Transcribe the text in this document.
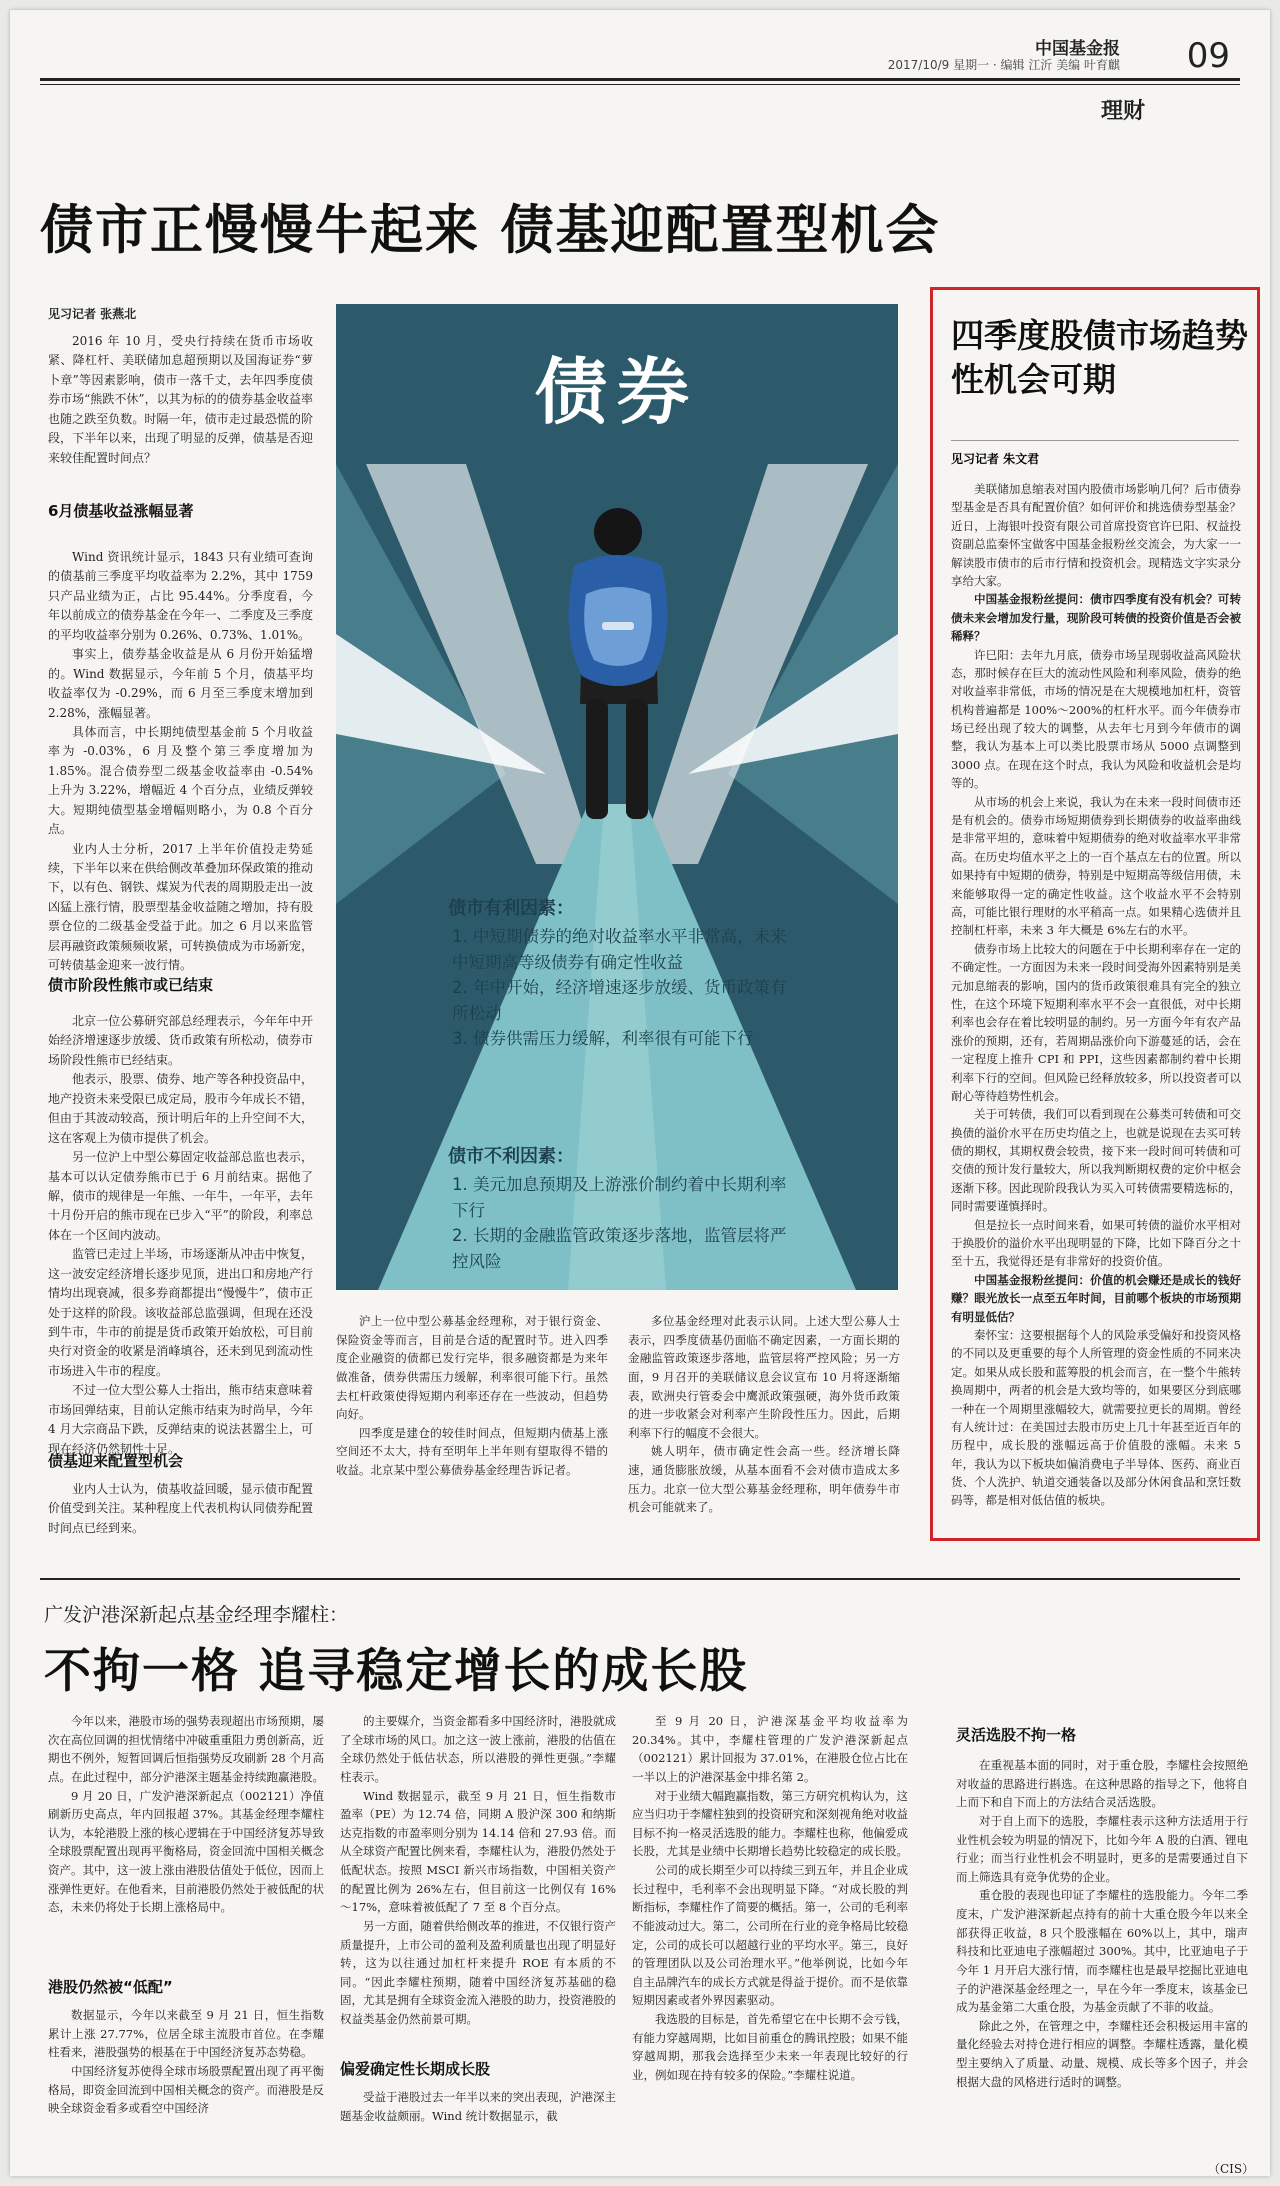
中国基金报
2017/10/9 星期一 · 编辑 江沂 美编 叶育麒 09
理财
债市正慢慢牛起来 债基迎配置型机会
见习记者 张燕北

2016 年 10 月，受央行持续在货币市场收紧、降杠杆、美联储加息超预期以及国海证券“萝卜章”等因素影响，债市一落千丈，去年四季度债券市场“熊跌不休”，以其为标的的债券基金收益率也随之跌至负数。时隔一年，债市走过最恐慌的阶段，下半年以来，出现了明显的反弹，债基是否迎来较佳配置时间点？

6月债基收益涨幅显著

Wind 资讯统计显示，1843 只有业绩可查询的债基前三季度平均收益率为 2.2%，其中 1759 只产品业绩为正，占比 95.44%。分季度看，今年以前成立的债券基金在今年一、二季度及三季度的平均收益率分别为 0.26%、0.73%、1.01%。

事实上，债券基金收益是从 6 月份开始猛增的。Wind 数据显示，今年前 5 个月，债基平均收益率仅为 -0.29%，而 6 月至三季度末增加到 2.28%，涨幅显著。

具体而言，中长期纯债型基金前 5 个月收益率为 -0.03%，6 月及整个第三季度增加为 1.85%。混合债券型二级基金收益率由 -0.54% 上升为 3.22%，增幅近 4 个百分点，业绩反弹较大。短期纯债型基金增幅则略小，为 0.8 个百分点。

业内人士分析，2017 上半年价值投走势延续，下半年以来在供给侧改革叠加环保政策的推动下，以有色、钢铁、煤炭为代表的周期股走出一波凶猛上涨行情，股票型基金收益随之增加，持有股票仓位的二级基金受益于此。加之 6 月以来监管层再融资政策频频收紧，可转换债成为市场新宠，可转债基金迎来一波行情。

债市阶段性熊市或已结束

北京一位公募研究部总经理表示，今年年中开始经济增速逐步放缓、货币政策有所松动，债券市场阶段性熊市已经结束。

他表示，股票、债券、地产等各种投资品中，地产投资未来受限已成定局，股市今年成长不错，但由于其波动较高，预计明后年的上升空间不大，这在客观上为债市提供了机会。

另一位沪上中型公募固定收益部总监也表示，基本可以认定债券熊市已于 6 月前结束。据他了解，债市的规律是一年熊、一年牛，一年平，去年十月份开启的熊市现在已步入“平”的阶段，利率总体在一个区间内波动。

监管已走过上半场，市场逐渐从冲击中恢复，这一波安定经济增长逐步见顶，进出口和房地产行情均出现衰减，很多券商都提出“慢慢牛”，债市正处于这样的阶段。该收益部总监强调，但现在还没到牛市，牛市的前提是货币政策开始放松，可目前央行对资金的收紧是消峰填谷，还未到见到流动性市场进入牛市的程度。

不过一位大型公募人士指出，熊市结束意味着市场回弹结束，目前认定熊市结束为时尚早，今年 4 月大宗商品下跌，反弹结束的说法甚嚣尘上，可现在经济仍然韧性十足。

债基迎来配置型机会

业内人士认为，债基收益回暖，显示债市配置价值受到关注。某种程度上代表机构认同债券配置时间点已经到来。

债券
债市有利因素：
1. 中短期债券的绝对收益率水平非常高，未来中短期高等级债券有确定性收益
2. 年中开始，经济增速逐步放缓、货币政策有所松动
3. 债券供需压力缓解，利率很有可能下行
债市不利因素：
1. 美元加息预期及上游涨价制约着中长期利率下行
2. 长期的金融监管政策逐步落地，监管层将严控风险

沪上一位中型公募基金经理称，对于银行资金、保险资金等而言，目前是合适的配置时节。进入四季度企业融资的债都已发行完毕，很多融资都是为来年做准备，债券供需压力缓解，利率很可能下行。虽然去杠杆政策使得短期内利率还存在一些波动，但趋势向好。

四季度是建仓的较佳时间点，但短期内债基上涨空间还不太大，持有至明年上半年则有望取得不错的收益。北京某中型公募债券基金经理告诉记者。

多位基金经理对此表示认同。上述大型公募人士表示，四季度债基仍面临不确定因素，一方面长期的金融监管政策逐步落地，监管层将严控风险；另一方面，9 月召开的美联储议息会议宣布 10 月将逐渐缩表，欧洲央行管委会中鹰派政策强硬，海外货币政策的进一步收紧会对利率产生阶段性压力。因此，后期利率下行的幅度不会很大。

姚人明年，债市确定性会高一些。经济增长降速，通货膨胀放缓，从基本面看不会对债市造成太多压力。北京一位大型公募基金经理称，明年债券牛市机会可能就来了。

四季度股债市场趋势性机会可期
见习记者 朱文君

美联储加息缩表对国内股债市场影响几何？后市债券型基金是否具有配置价值？如何评价和挑选债券型基金？近日，上海银叶投资有限公司首席投资官许巳阳、权益投资副总监秦怀宝做客中国基金报粉丝交流会，为大家一一解读股市债市的后市行情和投资机会。现精选文字实录分享给大家。

中国基金报粉丝提问：债市四季度有没有机会？可转债未来会增加发行量，现阶段可转债的投资价值是否会被稀释？

许巳阳：去年九月底，债券市场呈现弱收益高风险状态，那时候存在巨大的流动性风险和利率风险，债券的绝对收益率非常低，市场的情况是在大规模地加杠杆，资管机构普遍都是 100%～200%的杠杆水平。而今年债券市场已经出现了较大的调整，从去年七月到今年债市的调整，我认为基本上可以类比股票市场从 5000 点调整到 3000 点。在现在这个时点，我认为风险和收益机会是均等的。

从市场的机会上来说，我认为在未来一段时间债市还是有机会的。债券市场短期债券到长期债券的收益率曲线是非常平坦的，意味着中短期债券的绝对收益率水平非常高。在历史均值水平之上的一百个基点左右的位置。所以如果持有中短期的债券，特别是中短期高等级信用债，未来能够取得一定的确定性收益。这个收益水平不会特别高，可能比银行理财的水平稍高一点。如果精心选债并且控制杠杆率，未来 3 年大概是 6%左右的水平。

债券市场上比较大的问题在于中长期利率存在一定的不确定性。一方面因为未来一段时间受海外因素特别是美元加息缩表的影响，国内的货币政策很难具有完全的独立性，在这个环境下短期利率水平不会一直很低，对中长期利率也会存在着比较明显的制约。另一方面今年有农产品涨价的预期，还有，若周期品涨价向下游蔓延的话，会在一定程度上推升 CPI 和 PPI，这些因素都制约着中长期利率下行的空间。但风险已经释放较多，所以投资者可以耐心等待趋势性机会。

关于可转债，我们可以看到现在公募类可转债和可交换债的溢价水平在历史均值之上，也就是说现在去买可转债的期权，其期权费会较贵，接下来一段时间可转债和可交债的预计发行量较大，所以我判断期权费的定价中枢会逐渐下移。因此现阶段我认为买入可转债需要精选标的，同时需要谨慎择时。

但是拉长一点时间来看，如果可转债的溢价水平相对于换股价的溢价水平出现明显的下降，比如下降百分之十至十五，我觉得还是有非常好的投资价值。

中国基金报粉丝提问：价值的机会赚还是成长的钱好赚？眼光放长一点至五年时间，目前哪个板块的市场预期有明显低估？

秦怀宝：这要根据每个人的风险承受偏好和投资风格的不同以及更重要的每个人所管理的资金性质的不同来决定。如果从成长股和蓝筹股的机会而言，在一整个牛熊转换周期中，两者的机会是大致均等的，如果要区分到底哪一种在一个周期里涨幅较大，就需要拉更长的周期。曾经有人统计过：在美国过去股市历史上几十年甚至近百年的历程中，成长股的涨幅远高于价值股的涨幅。未来 5 年，我认为以下板块如偏消费电子半导体、医药、商业百货、个人洗护、轨道交通装备以及部分休闲食品和烹饪数码等，都是相对低估值的板块。

广发沪港深新起点基金经理李耀柱：
不拘一格 追寻稳定增长的成长股

今年以来，港股市场的强势表现超出市场预期，屡次在高位回调的担忧情绪中冲破重重阻力勇创新高，近期也不例外，短暂回调后恒指强势反攻刷新 28 个月高点。在此过程中，部分沪港深主题基金持续跑赢港股。

9 月 20 日，广发沪港深新起点（002121）净值刷新历史高点，年内回报超 37%。其基金经理李耀柱认为，本轮港股上涨的核心逻辑在于中国经济复苏导致全球股票配置出现再平衡格局，资金回流中国相关概念资产。其中，这一波上涨由港股估值处于低位，因而上涨弹性更好。在他看来，目前港股仍然处于被低配的状态，未来仍将处于长期上涨格局中。

港股仍然被“低配”

数据显示，今年以来截至 9 月 21 日，恒生指数累计上涨 27.77%，位居全球主流股市首位。在李耀柱看来，港股强势的根基在于中国经济复苏态势稳。

中国经济复苏使得全球市场股票配置出现了再平衡格局，即资金回流到中国相关概念的资产。而港股是反映全球资金看多或看空中国经济

的主要媒介，当资金都看多中国经济时，港股就成了全球市场的风口。加之这一波上涨前，港股的估值在全球仍然处于低估状态，所以港股的弹性更强。”李耀柱表示。

Wind 数据显示，截至 9 月 21 日，恒生指数市盈率（PE）为 12.74 倍，同期 A 股沪深 300 和纳斯达克指数的市盈率则分别为 14.14 倍和 27.93 倍。而从全球资产配置比例来看，李耀柱认为，港股仍然处于低配状态。按照 MSCI 新兴市场指数，中国相关资产的配置比例为 26%左右，但目前这一比例仅有 16%～17%，意味着被低配了 7 至 8 个百分点。

另一方面，随着供给侧改革的推进，不仅银行资产质量提升，上市公司的盈利及盈利质量也出现了明显好转，这为以往通过加杠杆来提升 ROE 有本质的不同。“因此李耀柱预期，随着中国经济复苏基础的稳固，尤其是拥有全球资金流入港股的助力，投资港股的权益类基金仍然前景可期。

偏爱确定性长期成长股

受益于港股过去一年半以来的突出表现，沪港深主题基金收益颇丽。Wind 统计数据显示，截

至 9 月 20 日，沪港深基金平均收益率为 20.34%。其中，李耀柱管理的广发沪港深新起点（002121）累计回报为 37.01%，在港股仓位占比在一半以上的沪港深基金中排名第 2。

对于业绩大幅跑赢指数，第三方研究机构认为，这应当归功于李耀柱独到的投资研究和深刻视角绝对收益目标不拘一格灵活选股的能力。李耀柱也称，他偏爱成长股，尤其是业绩中长期增长趋势比较稳定的成长股。

公司的成长期至少可以持续三到五年，并且企业成长过程中，毛利率不会出现明显下降。“对成长股的判断指标，李耀柱作了简要的概括。第一，公司的毛利率不能波动过大。第二，公司所在行业的竞争格局比较稳定，公司的成长可以超越行业的平均水平。第三，良好的管理团队以及公司治理水平。”他举例说，比如今年自主品牌汽车的成长方式就是得益于提价。而不是依靠短期因素或者外界因素驱动。

我选股的目标是，首先希望它在中长期不会亏钱，有能力穿越周期，比如目前重仓的腾讯控股；如果不能穿越周期，那我会选择至少未来一年表现比较好的行业，例如现在持有较多的保险。”李耀柱说道。

灵活选股不拘一格

在重视基本面的同时，对于重仓股，李耀柱会按照绝对收益的思路进行斟选。在这种思路的指导之下，他将自上而下和自下而上的方法结合灵活选股。

对于自上而下的选股，李耀柱表示这种方法适用于行业性机会较为明显的情况下，比如今年 A 股的白酒、锂电行业；而当行业性机会不明显时，更多的是需要通过自下而上筛选具有竞争优势的企业。

重仓股的表现也印证了李耀柱的选股能力。今年二季度末，广发沪港深新起点持有的前十大重仓股今年以来全部获得正收益，8 只个股涨幅在 60%以上，其中，瑞声科技和比亚迪电子涨幅超过 300%。其中，比亚迪电子于今年 1 月开启大涨行情，而李耀柱也是最早挖掘比亚迪电子的沪港深基金经理之一，早在今年一季度末，该基金已成为基金第二大重仓股，为基金贡献了不菲的收益。

除此之外，在管理之中，李耀柱还会积极运用丰富的量化经验去对持仓进行相应的调整。李耀柱透露，量化模型主要纳入了质量、动量、规模、成长等多个因子，并会根据大盘的风格进行适时的调整。

（CIS）
